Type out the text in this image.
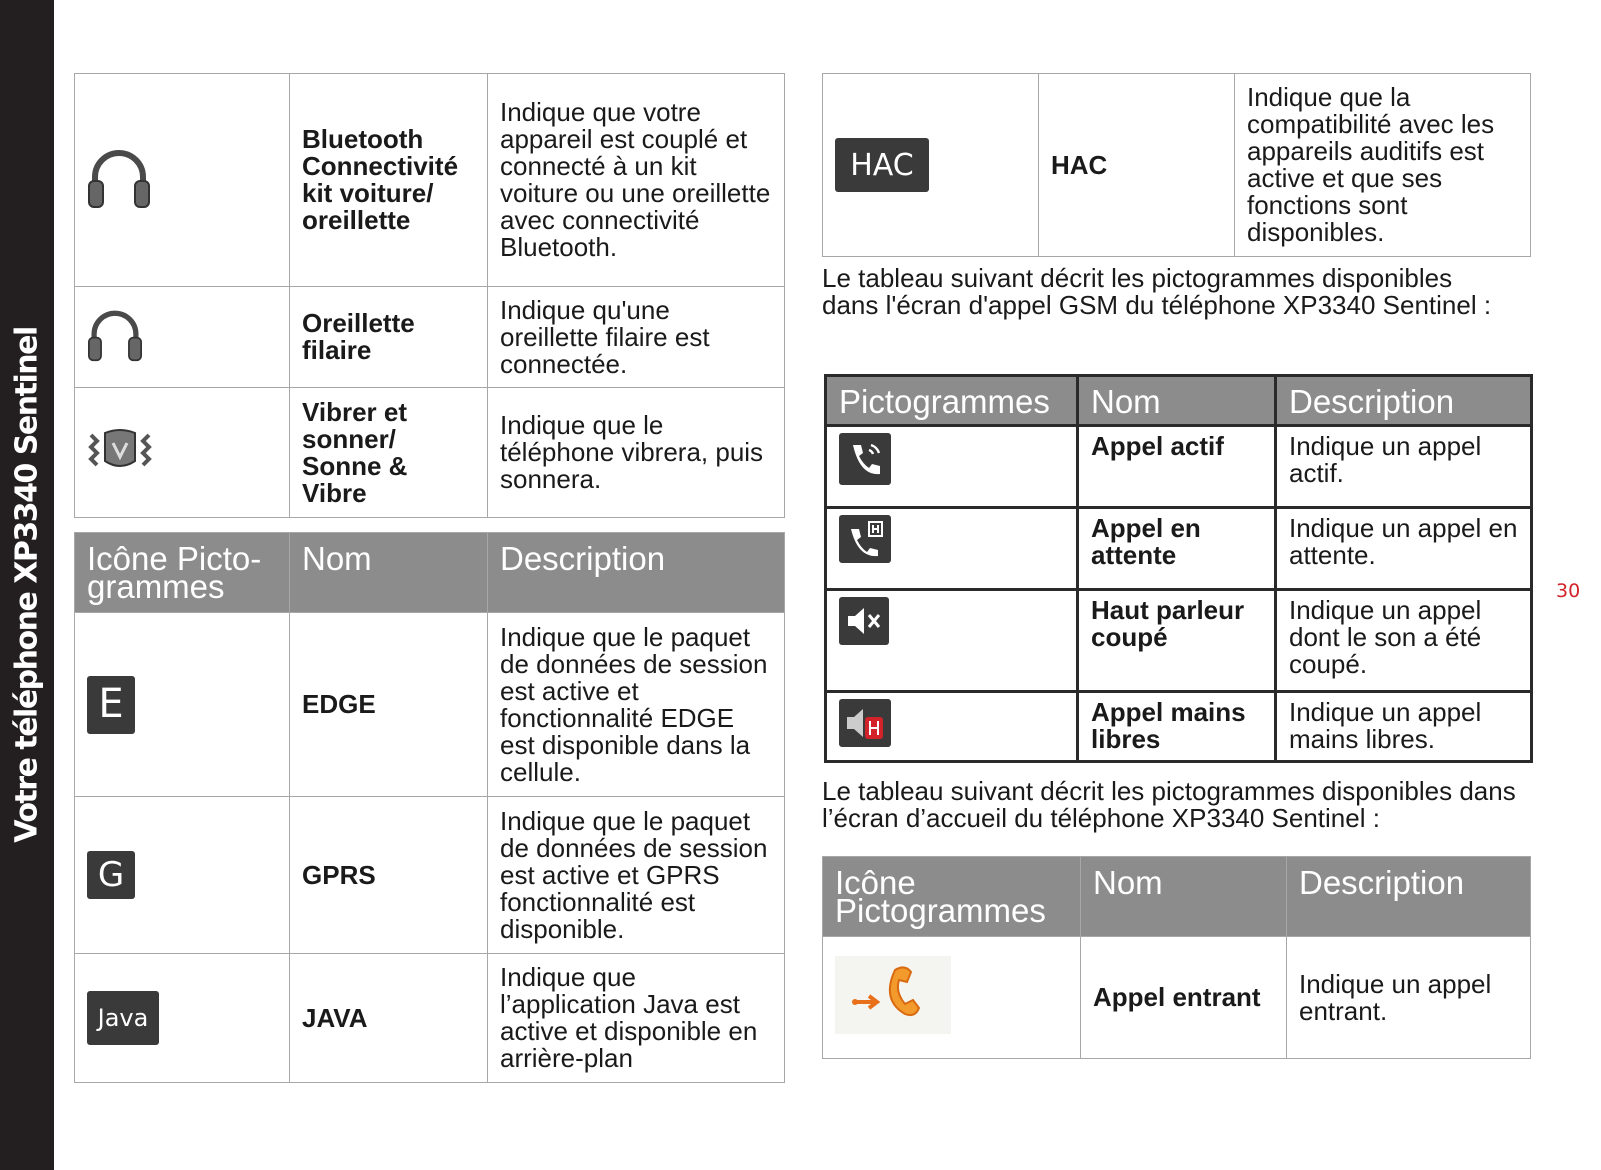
Votre téléphone XP3340 Sentinel	30
	Bluetooth Connectivité kit voiture/ oreillette	Indique que votre appareil est couplé et connecté à un kit voiture ou une oreillette avec connectivité Bluetooth.

	Oreillette filaire	Indique qu'une oreillette filaire est connectée.

	Vibrer et sonner/ Sonne & Vibre	Indique que le téléphone vibrera, puis sonnera.
Icône Picto-grammes	Nom	Description
E	EDGE	Indique que le paquet de données de session est active et fonctionnalité EDGE est disponible dans la cellule.
G	GPRS	Indique que le paquet de données de session est active et GPRS fonctionnalité est disponible.
Java	JAVA	Indique que l’application Java est active et disponible en arrière-plan
HAC	HAC	Indique que la compatibilité avec les appareils auditifs est active et que ses fonctions sont disponibles.

Le tableau suivant décrit les pictogrammes disponibles dans l'écran d'appel GSM du téléphone XP3340 Sentinel :

Pictogrammes	Nom	Description

	Appel actif	Indique un appel actif.

	Appel en attente	Indique un appel en attente.

	Haut parleur coupé	Indique un appel dont le son a été coupé.

	Appel mains libres	Indique un appel mains libres.

Le tableau suivant décrit les pictogrammes disponibles dans l’écran d’accueil du téléphone XP3340 Sentinel :

Icône Pictogrammes	Nom	Description

	Appel entrant	Indique un appel entrant.
